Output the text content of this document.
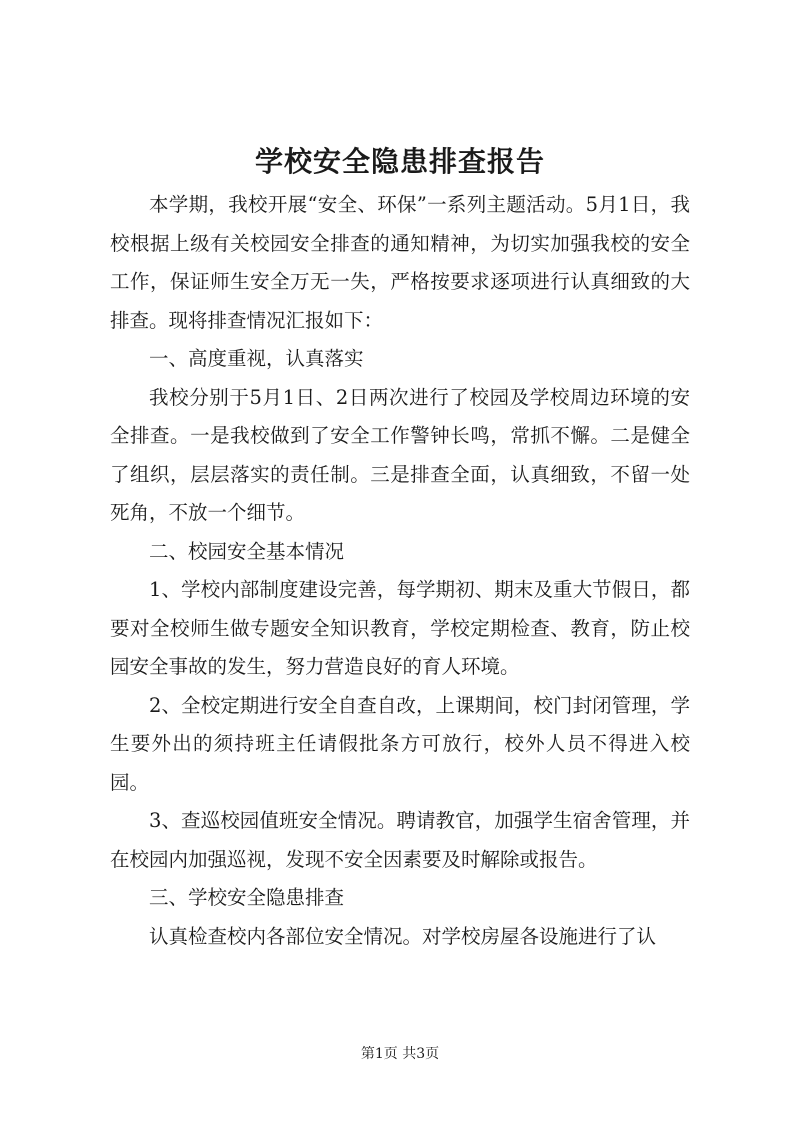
学校安全隐患排查报告

本学期，我校开展“安全、环保”一系列主题活动。5月1日，我校根据上级有关校园安全排查的通知精神，为切实加强我校的安全工作，保证师生安全万无一失，严格按要求逐项进行认真细致的大排查。现将排查情况汇报如下：

一、高度重视，认真落实

我校分别于5月1日、2日两次进行了校园及学校周边环境的安全排查。一是我校做到了安全工作警钟长鸣，常抓不懈。二是健全了组织，层层落实的责任制。三是排查全面，认真细致，不留一处死角，不放一个细节。

二、校园安全基本情况

1、学校内部制度建设完善，每学期初、期末及重大节假日，都要对全校师生做专题安全知识教育，学校定期检查、教育，防止校园安全事故的发生，努力营造良好的育人环境。

2、全校定期进行安全自查自改，上课期间，校门封闭管理，学生要外出的须持班主任请假批条方可放行，校外人员不得进入校园。

3、查巡校园值班安全情况。聘请教官，加强学生宿舍管理，并在校园内加强巡视，发现不安全因素要及时解除或报告。

三、学校安全隐患排查

认真检查校内各部位安全情况。对学校房屋各设施进行了认

第1页 共3页
